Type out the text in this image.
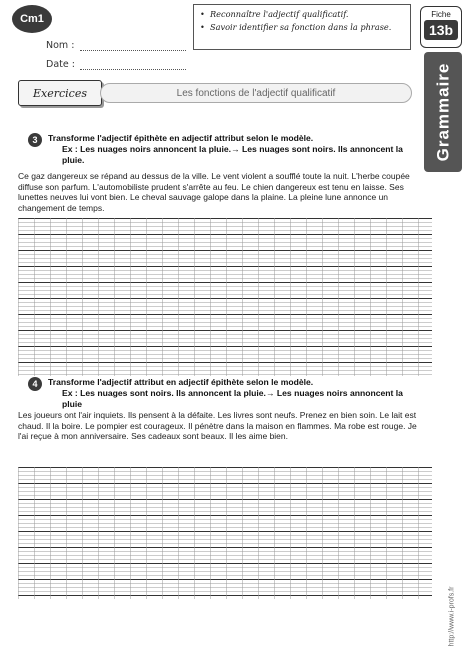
Cm1
Nom :
Date :
• Reconnaître l'adjectif qualificatif.
• Savoir identifier sa fonction dans la phrase.
Fiche
13b
Grammaire
http://www.i-profs.fr
Exercices	Les fonctions de l'adjectif qualificatif
3	Transforme l'adjectif épithète en adjectif attribut selon le modèle.
Ex : Les nuages noirs annoncent la pluie.→ Les nuages sont noirs. Ils annoncent la pluie.
Ce gaz dangereux se répand au dessus de la ville. Le vent violent a soufflé toute la nuit. L'herbe coupée diffuse son parfum. L'automobiliste prudent s'arrête au feu. Le chien dangereux est tenu en laisse. Ses lunettes neuves lui vont bien. Le cheval sauvage galope dans la plaine. La pleine lune annonce un changement de temps.
4	Transforme l'adjectif attribut en adjectif épithète selon le modèle.
Ex : Les nuages sont noirs. Ils annoncent la pluie.→ Les nuages noirs annoncent la pluie
Les joueurs ont l'air inquiets. Ils pensent à la défaite. Les livres sont neufs. Prenez en bien soin. Le lait est chaud. Il la boire. Le pompier est courageux. Il pénètre dans la maison en flammes. Ma robe est rouge. Je l'ai reçue à mon anniversaire. Ses cadeaux sont beaux. Il les aime bien.
